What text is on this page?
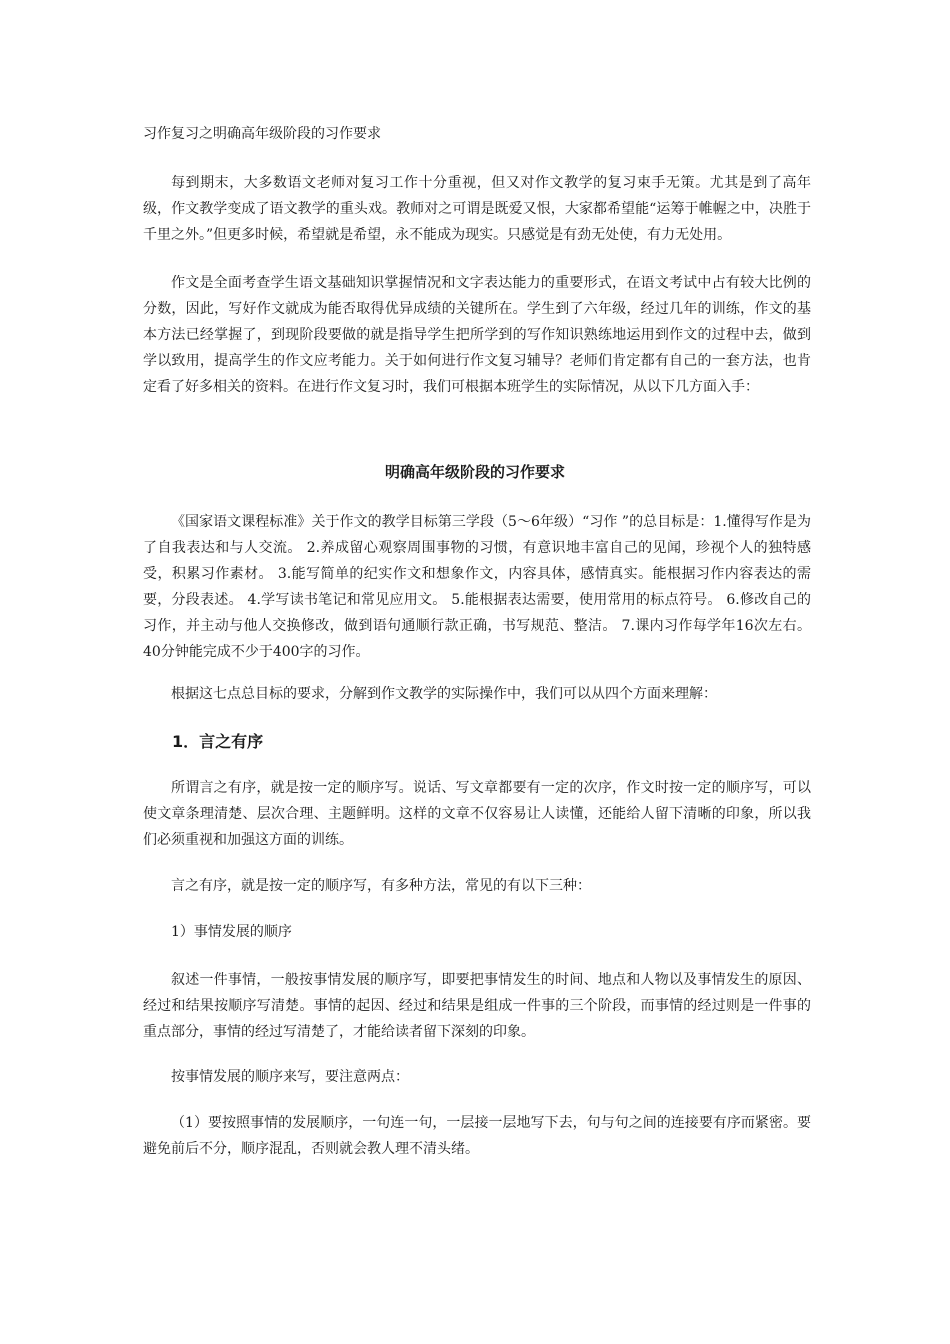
习作复习之明确高年级阶段的习作要求

每到期末，大多数语文老师对复习工作十分重视，但又对作文教学的复习束手无策。尤其是到了高年级，作文教学变成了语文教学的重头戏。教师对之可谓是既爱又恨，大家都希望能“运筹于帷幄之中，决胜于千里之外。”但更多时候，希望就是希望，永不能成为现实。只感觉是有劲无处使，有力无处用。

作文是全面考查学生语文基础知识掌握情况和文字表达能力的重要形式，在语文考试中占有较大比例的分数，因此，写好作文就成为能否取得优异成绩的关键所在。学生到了六年级，经过几年的训练，作文的基本方法已经掌握了，到现阶段要做的就是指导学生把所学到的写作知识熟练地运用到作文的过程中去，做到学以致用，提高学生的作文应考能力。关于如何进行作文复习辅导？老师们肯定都有自己的一套方法，也肯定看了好多相关的资料。在进行作文复习时，我们可根据本班学生的实际情况，从以下几方面入手：

明确高年级阶段的习作要求

《国家语文课程标准》关于作文的教学目标第三学段（5～6年级）“习作 ”的总目标是：1.懂得写作是为了自我表达和与人交流。 2.养成留心观察周围事物的习惯，有意识地丰富自己的见闻，珍视个人的独特感受，积累习作素材。 3.能写简单的纪实作文和想象作文，内容具体，感情真实。能根据习作内容表达的需要，分段表述。 4.学写读书笔记和常见应用文。 5.能根据表达需要，使用常用的标点符号。 6.修改自己的习作，并主动与他人交换修改，做到语句通顺行款正确，书写规范、整洁。 7.课内习作每学年16次左右。40分钟能完成不少于400字的习作。

根据这七点总目标的要求，分解到作文教学的实际操作中，我们可以从四个方面来理解：

1．言之有序

所谓言之有序，就是按一定的顺序写。说话、写文章都要有一定的次序，作文时按一定的顺序写，可以使文章条理清楚、层次合理、主题鲜明。这样的文章不仅容易让人读懂，还能给人留下清晰的印象，所以我们必须重视和加强这方面的训练。

言之有序，就是按一定的顺序写，有多种方法，常见的有以下三种：

1）事情发展的顺序

叙述一件事情，一般按事情发展的顺序写，即要把事情发生的时间、地点和人物以及事情发生的原因、经过和结果按顺序写清楚。事情的起因、经过和结果是组成一件事的三个阶段，而事情的经过则是一件事的重点部分，事情的经过写清楚了，才能给读者留下深刻的印象。

按事情发展的顺序来写，要注意两点：

（1）要按照事情的发展顺序，一句连一句，一层接一层地写下去，句与句之间的连接要有序而紧密。要避免前后不分，顺序混乱，否则就会教人理不清头绪。
